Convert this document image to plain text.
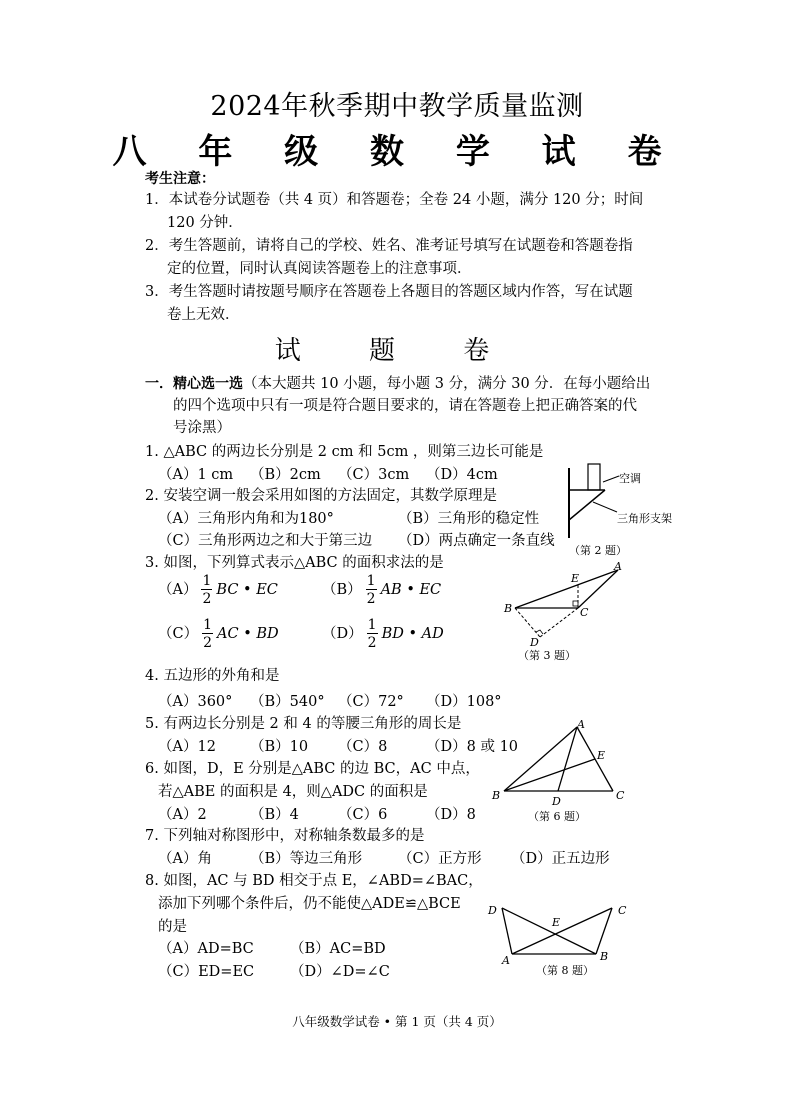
2024年秋季期中教学质量监测
八 年 级 数 学 试 卷
考生注意：
1．本试卷分试题卷（共 4 页）和答题卷；全卷 24 小题，满分 120 分；时间
120 分钟．
2．考生答题前，请将自己的学校、姓名、准考证号填写在试题卷和答题卷指
定的位置，同时认真阅读答题卷上的注意事项．
3．考生答题时请按题号顺序在答题卷上各题目的答题区域内作答，写在试题
卷上无效．
试 题 卷
一．精心选一选（本大题共 10 小题，每小题 3 分，满分 30 分．在每小题给出
的四个选项中只有一项是符合题目要求的，请在答题卷上把正确答案的代
号涂黑）
1. △ABC 的两边长分别是 2 cm 和 5cm ，则第三边长可能是
（A）1 cm （B）2cm （C）3cm （D）4cm
2. 安装空调一般会采用如图的方法固定，其数学原理是
（A）三角形内角和为180°	（B）三角形的稳定性
（C）三角形两边之和大于第三边 （D）两点确定一条直线
空调
三角形支架
（第 2 题）
3. 如图，下列算式表示△ABC 的面积求法的是
$(A) \frac{1}{2}$ BC • EC	$(B) \frac{1}{2}$ AB • EC
$(C) \frac{1}{2}$ AC • BD	$(D) \frac{1}{2}$ BD • AD
A
B	C
D
E
（第 3 题）
4. 五边形的外角和是
（A）360° （B）540° （C）72° （D）108°
5. 有两边长分别是 2 和 4 的等腰三角形的周长是
（A）12 （B）10 （C）8	（D）8 或 10
6. 如图，D，E 分别是△ABC 的边 BC，AC 中点，
若△ABE 的面积是 4，则△ADC 的面积是
（A）2	（B）4	（C）6	（D）8
A
B	C
D
E
（第 6 题）
7. 下列轴对称图形中，对称轴条数最多的是
（A）角	（B）等边三角形 （C）正方形 （D）正五边形
8. 如图，AC 与 BD 相交于点 E，∠ABD=∠BAC，
添加下列哪个条件后，仍不能使△ADE≌△BCE
的是
（A）AD=BC	（B）AC=BD
（C）ED=EC （D）∠D=∠C
D	C
A	B
E
（第 8 题）
八年级数学试卷 • 第 1 页（共 4 页）
